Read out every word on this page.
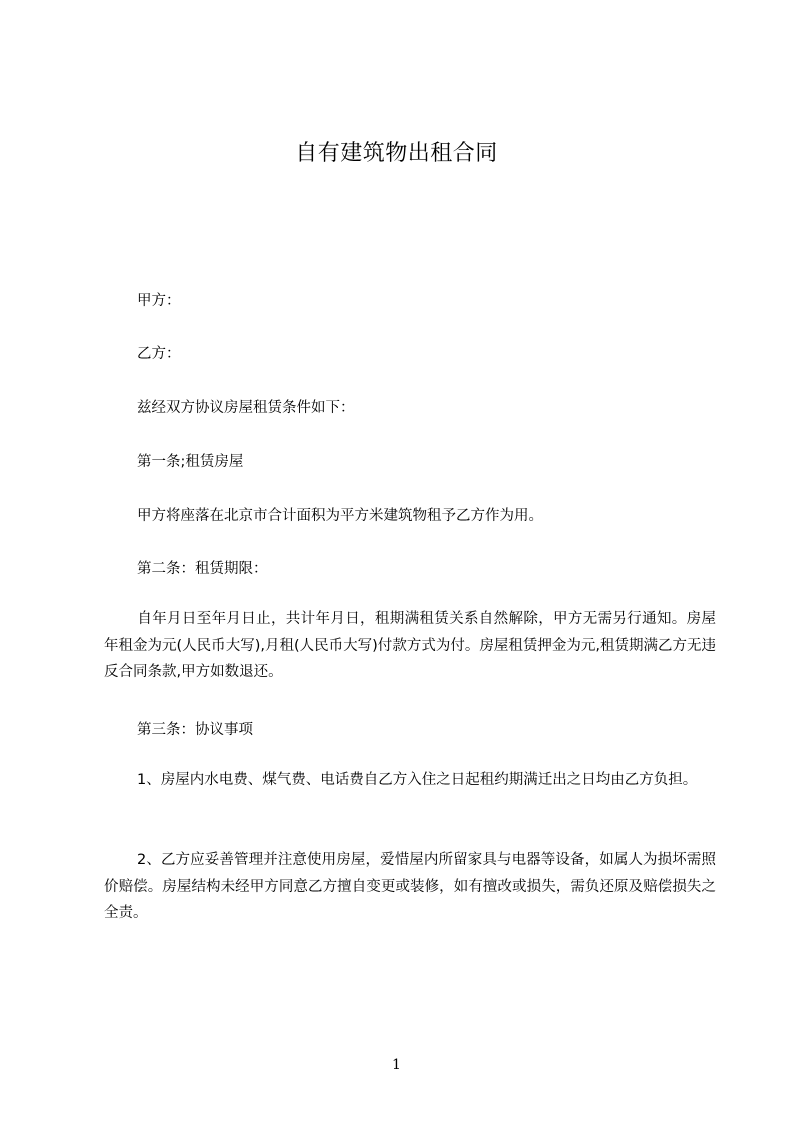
自有建筑物出租合同
甲方：
乙方：
兹经双方协议房屋租赁条件如下：
第一条;租赁房屋
甲方将座落在北京市合计面积为平方米建筑物租予乙方作为用。
第二条：租赁期限：
自年月日至年月日止，共计年月日，租期满租赁关系自然解除，甲方无需另行通知。房屋年租金为元(人民币大写),月租(人民币大写)付款方式为付。房屋租赁押金为元,租赁期满乙方无违反合同条款,甲方如数退还。
第三条：协议事项
1、房屋内水电费、煤气费、电话费自乙方入住之日起租约期满迁出之日均由乙方负担。
2、乙方应妥善管理并注意使用房屋，爱惜屋内所留家具与电器等设备，如属人为损坏需照价赔偿。房屋结构未经甲方同意乙方擅自变更或装修，如有擅改或损失，需负还原及赔偿损失之全责。
1
